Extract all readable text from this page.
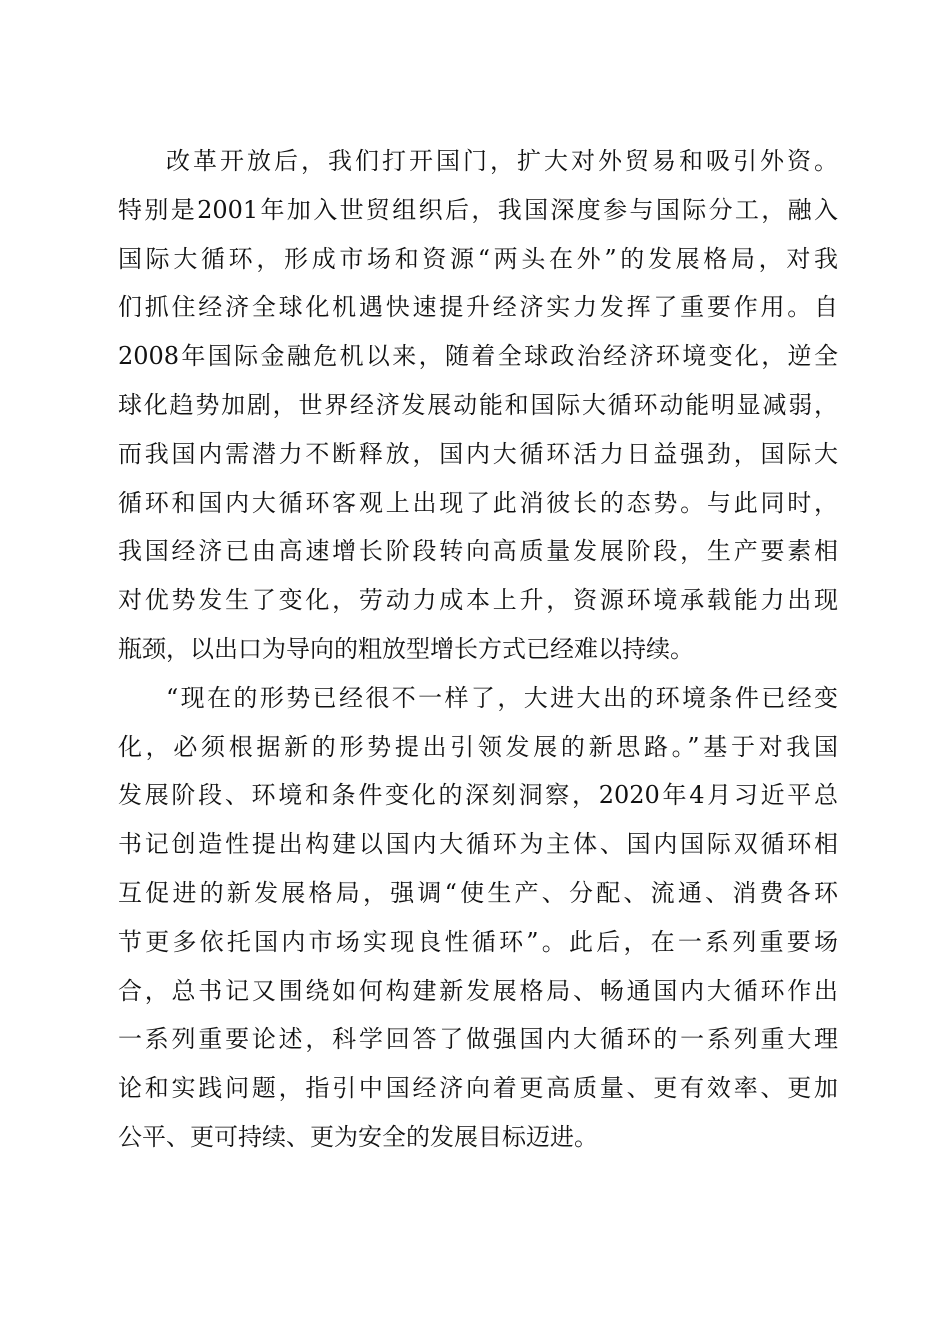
改革开放后，我们打开国门，扩大对外贸易和吸引外资。
特别是2001年加入世贸组织后，我国深度参与国际分工，融入
国际大循环，形成市场和资源“两头在外”的发展格局，对我
们抓住经济全球化机遇快速提升经济实力发挥了重要作用。自
2008年国际金融危机以来，随着全球政治经济环境变化，逆全
球化趋势加剧，世界经济发展动能和国际大循环动能明显减弱，
而我国内需潜力不断释放，国内大循环活力日益强劲，国际大
循环和国内大循环客观上出现了此消彼长的态势。与此同时，
我国经济已由高速增长阶段转向高质量发展阶段，生产要素相
对优势发生了变化，劳动力成本上升，资源环境承载能力出现
瓶颈，以出口为导向的粗放型增长方式已经难以持续。
“现在的形势已经很不一样了，大进大出的环境条件已经变
化，必须根据新的形势提出引领发展的新思路。”基于对我国
发展阶段、环境和条件变化的深刻洞察，2020年4月习近平总
书记创造性提出构建以国内大循环为主体、国内国际双循环相
互促进的新发展格局，强调“使生产、分配、流通、消费各环
节更多依托国内市场实现良性循环”。此后，在一系列重要场
合，总书记又围绕如何构建新发展格局、畅通国内大循环作出
一系列重要论述，科学回答了做强国内大循环的一系列重大理
论和实践问题，指引中国经济向着更高质量、更有效率、更加
公平、更可持续、更为安全的发展目标迈进。
